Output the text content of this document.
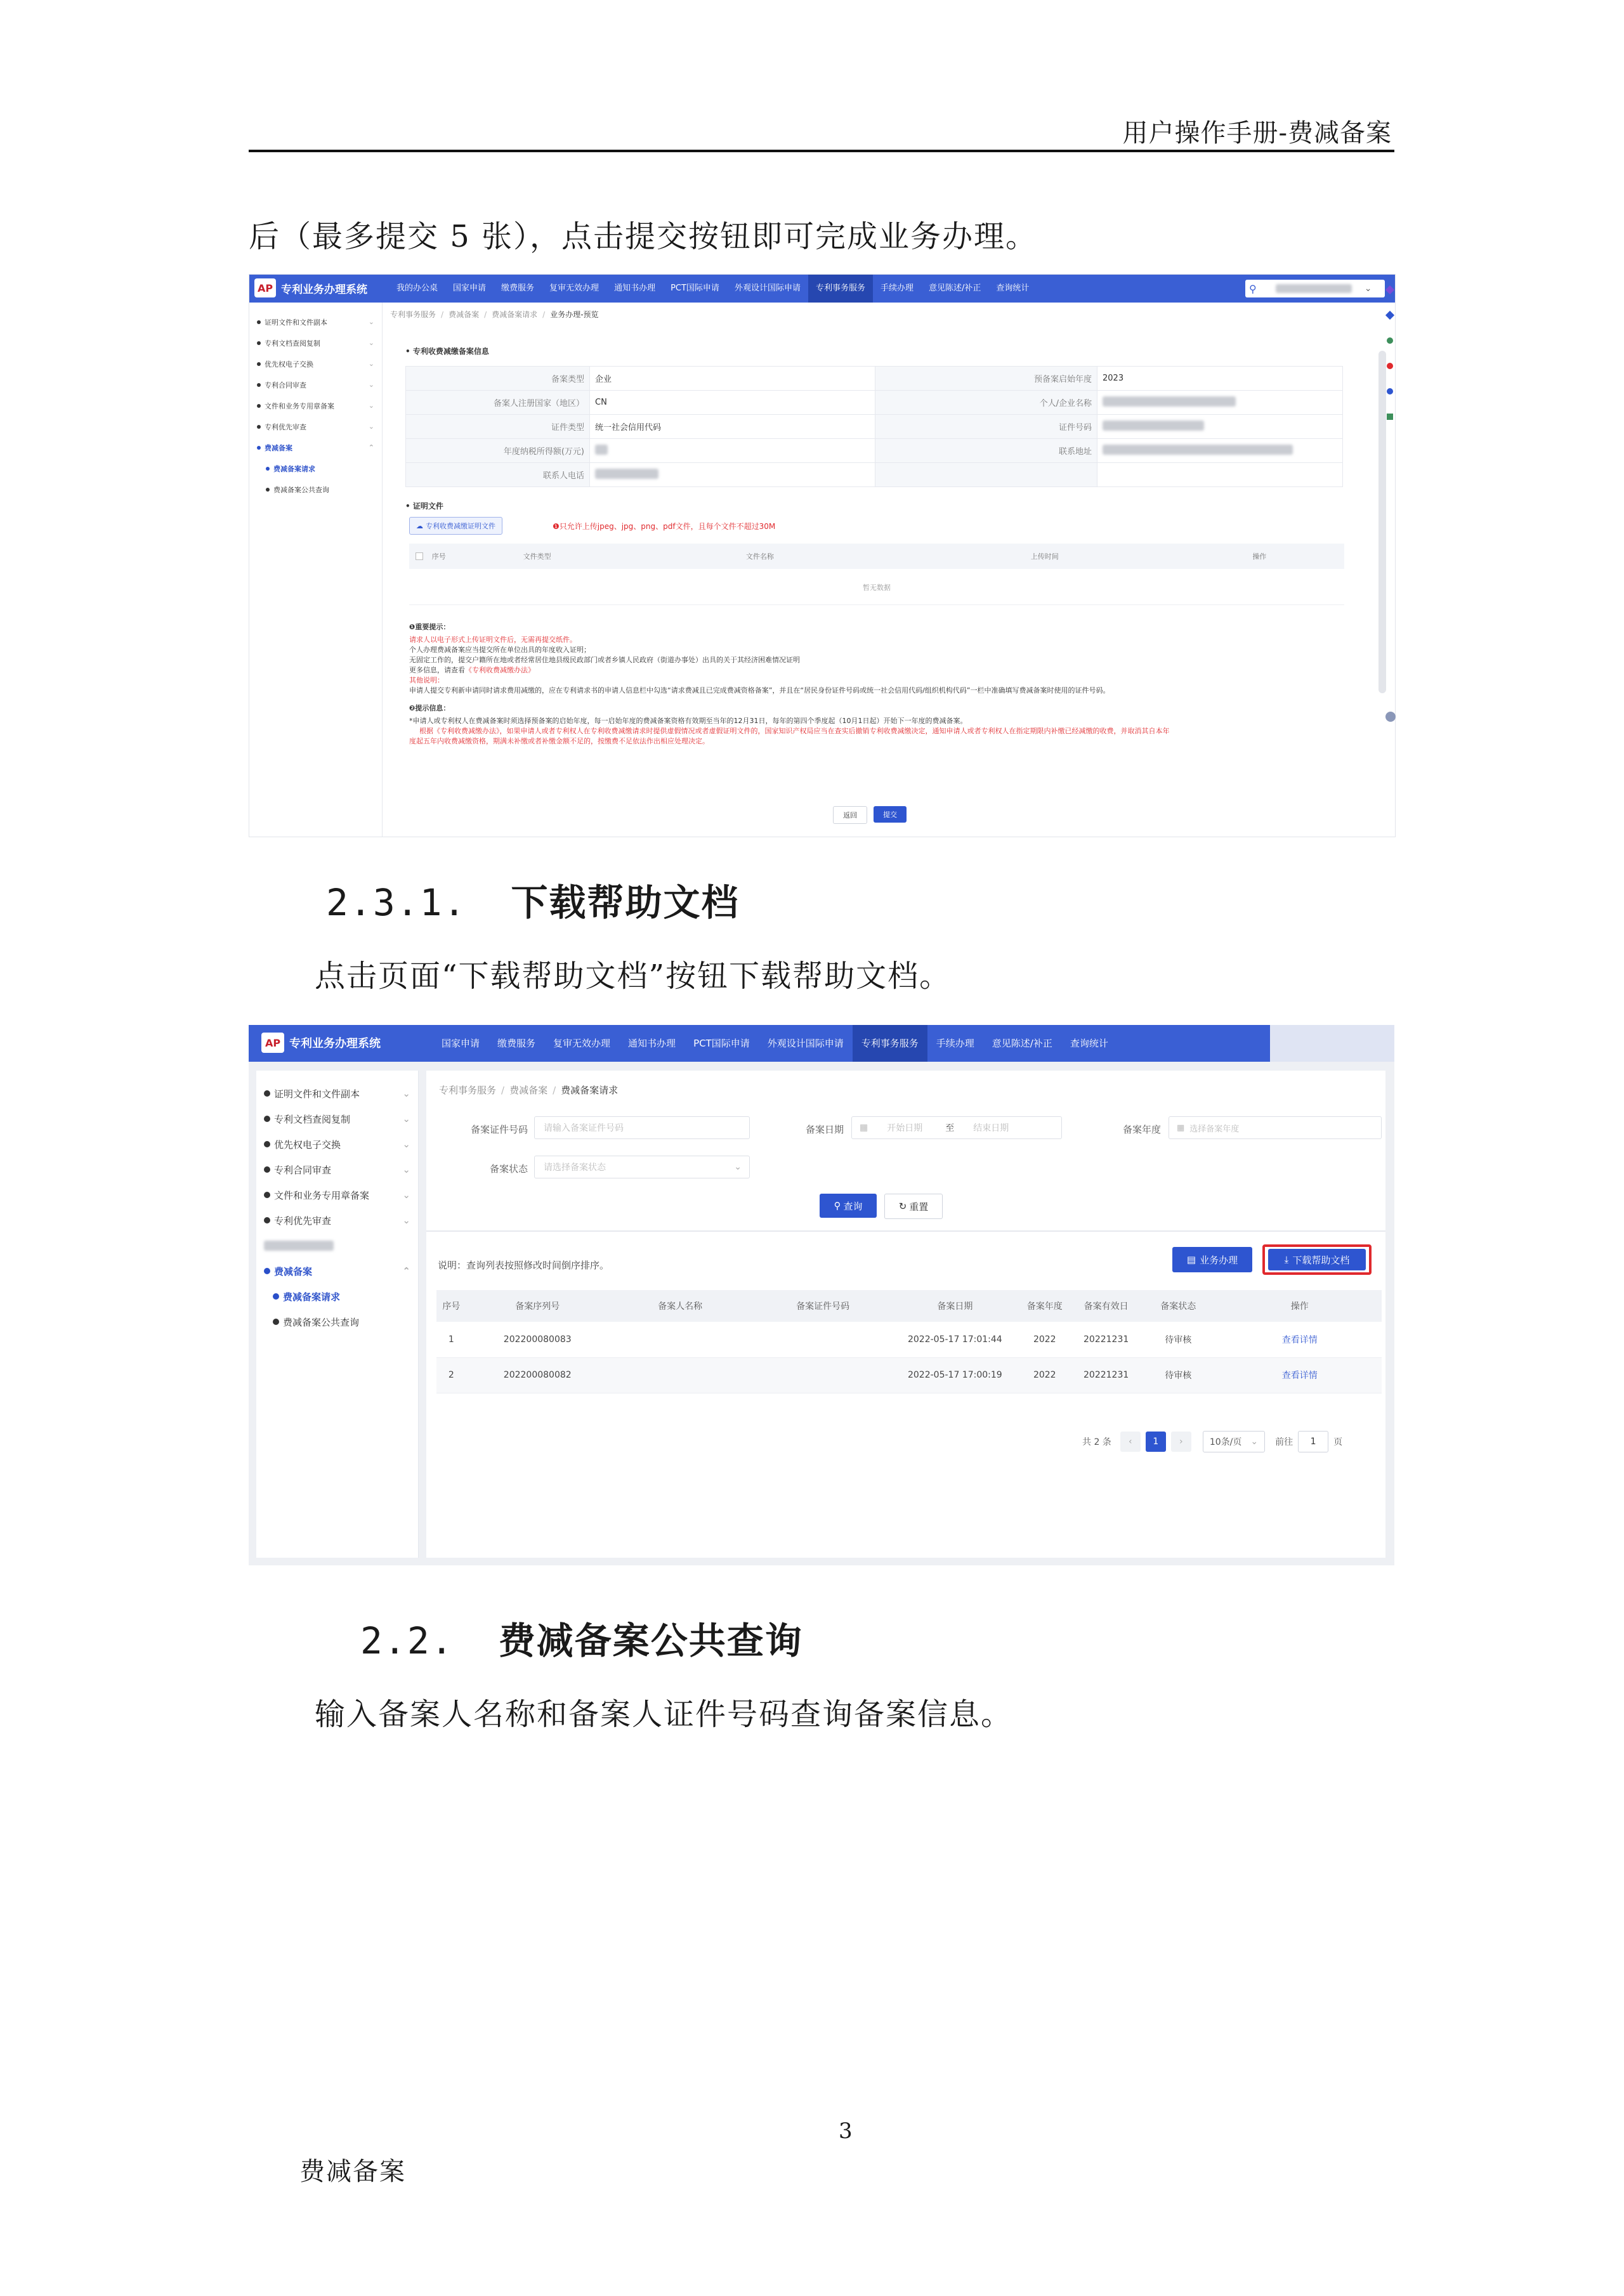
用户操作手册-费减备案
后（最多提交 5 张），点击提交按钮即可完成业务办理。
AP 专利业务办理系统	我的办公桌	国家申请	缴费服务	复审无效办理	通知书办理	PCT国际申请	外观设计国际申请	专利事务服务	手续办理	意见陈述/补正	查询统计	⚲	⌄
证明文件和文件副本	⌄
专利文档查阅复制	⌄
优先权电子交换	⌄
专利合同审查	⌄
文件和业务专用章备案	⌄
专利优先审查	⌄
费减备案	⌃
费减备案请求
费减备案公共查询
专利事务服务 / 费减备案 / 费减备案请求 / 业务办理-预览
• 专利收费减缴备案信息
备案类型	企业	预备案启始年度	2023
备案人注册国家（地区）	CN	个人/企业名称	
证件类型	统一社会信用代码	证件号码	
年度纳税所得额(万元)		联系地址	
联系人电话			
• 证明文件
☁ 专利收费减缴证明文件	❶只允许上传jpeg、jpg、png、pdf文件，且每个文件不超过30M
序号	文件类型	文件名称	上传时间	操作
暂无数据
❶重要提示：
请求人以电子形式上传证明文件后，无需再提交纸件。
个人办理费减备案应当提交所在单位出具的年度收入证明；
无固定工作的，提交户籍所在地或者经常居住地县级民政部门或者乡镇人民政府（街道办事处）出具的关于其经济困难情况证明
更多信息，请查看《专利收费减缴办法》
其他说明：
申请人提交专利新申请同时请求费用减缴的，应在专利请求书的申请人信息栏中勾选“请求费减且已完成费减资格备案”，并且在“居民身份证件号码或统一社会信用代码/组织机构代码”一栏中准确填写费减备案时使用的证件号码。
❷提示信息：
*申请人或专利权人在费减备案时须选择预备案的启始年度，每一启始年度的费减备案资格有效期至当年的12月31日，每年的第四个季度起（10月1日起）开始下一年度的费减备案。
根据《专利收费减缴办法》，如果申请人或者专利权人在专利收费减缴请求时提供虚假情况或者虚假证明文件的，国家知识产权局应当在查实后撤销专利收费减缴决定，通知申请人或者专利权人在指定期限内补缴已经减缴的收费，并取消其自本年
度起五年内收费减缴资格，期满未补缴或者补缴金额不足的，按缴费不足依法作出相应处理决定。
返回	提交
2.3.1. 下载帮助文档
点击页面“下载帮助文档”按钮下载帮助文档。
AP 专利业务办理系统	国家申请	缴费服务	复审无效办理	通知书办理	PCT国际申请	外观设计国际申请	专利事务服务	手续办理	意见陈述/补正	查询统计
证明文件和文件副本	⌄
专利文档查阅复制	⌄
优先权电子交换	⌄
专利合同审查	⌄
文件和业务专用章备案	⌄
专利优先审查	⌄
费减备案	⌃
费减备案请求
费减备案公共查询
专利事务服务 / 费减备案 / 费减备案请求
备案证件号码	请输入备案证件号码	备案日期 ▦ 开始日期	至 结束日期	备案年度 ▦ 选择备案年度
备案状态 请选择备案状态	⌄
⚲ 查询	↻ 重置
说明：查询列表按照修改时间倒序排序。	▤ 业务办理	⤓ 下载帮助文档
序号	备案序列号	备案人名称	备案证件号码	备案日期	备案年度	备案有效日	备案状态	操作
1	202200080083			2022-05-17 17:01:44	2022	20221231	待审核	查看详情
2	202200080082			2022-05-17 17:00:19	2022	20221231	待审核	查看详情
共 2 条	‹	1	›	10条/页 ⌄ 前往	1	页
2.2. 费减备案公共查询
输入备案人名称和备案人证件号码查询备案信息。
3
费减备案
